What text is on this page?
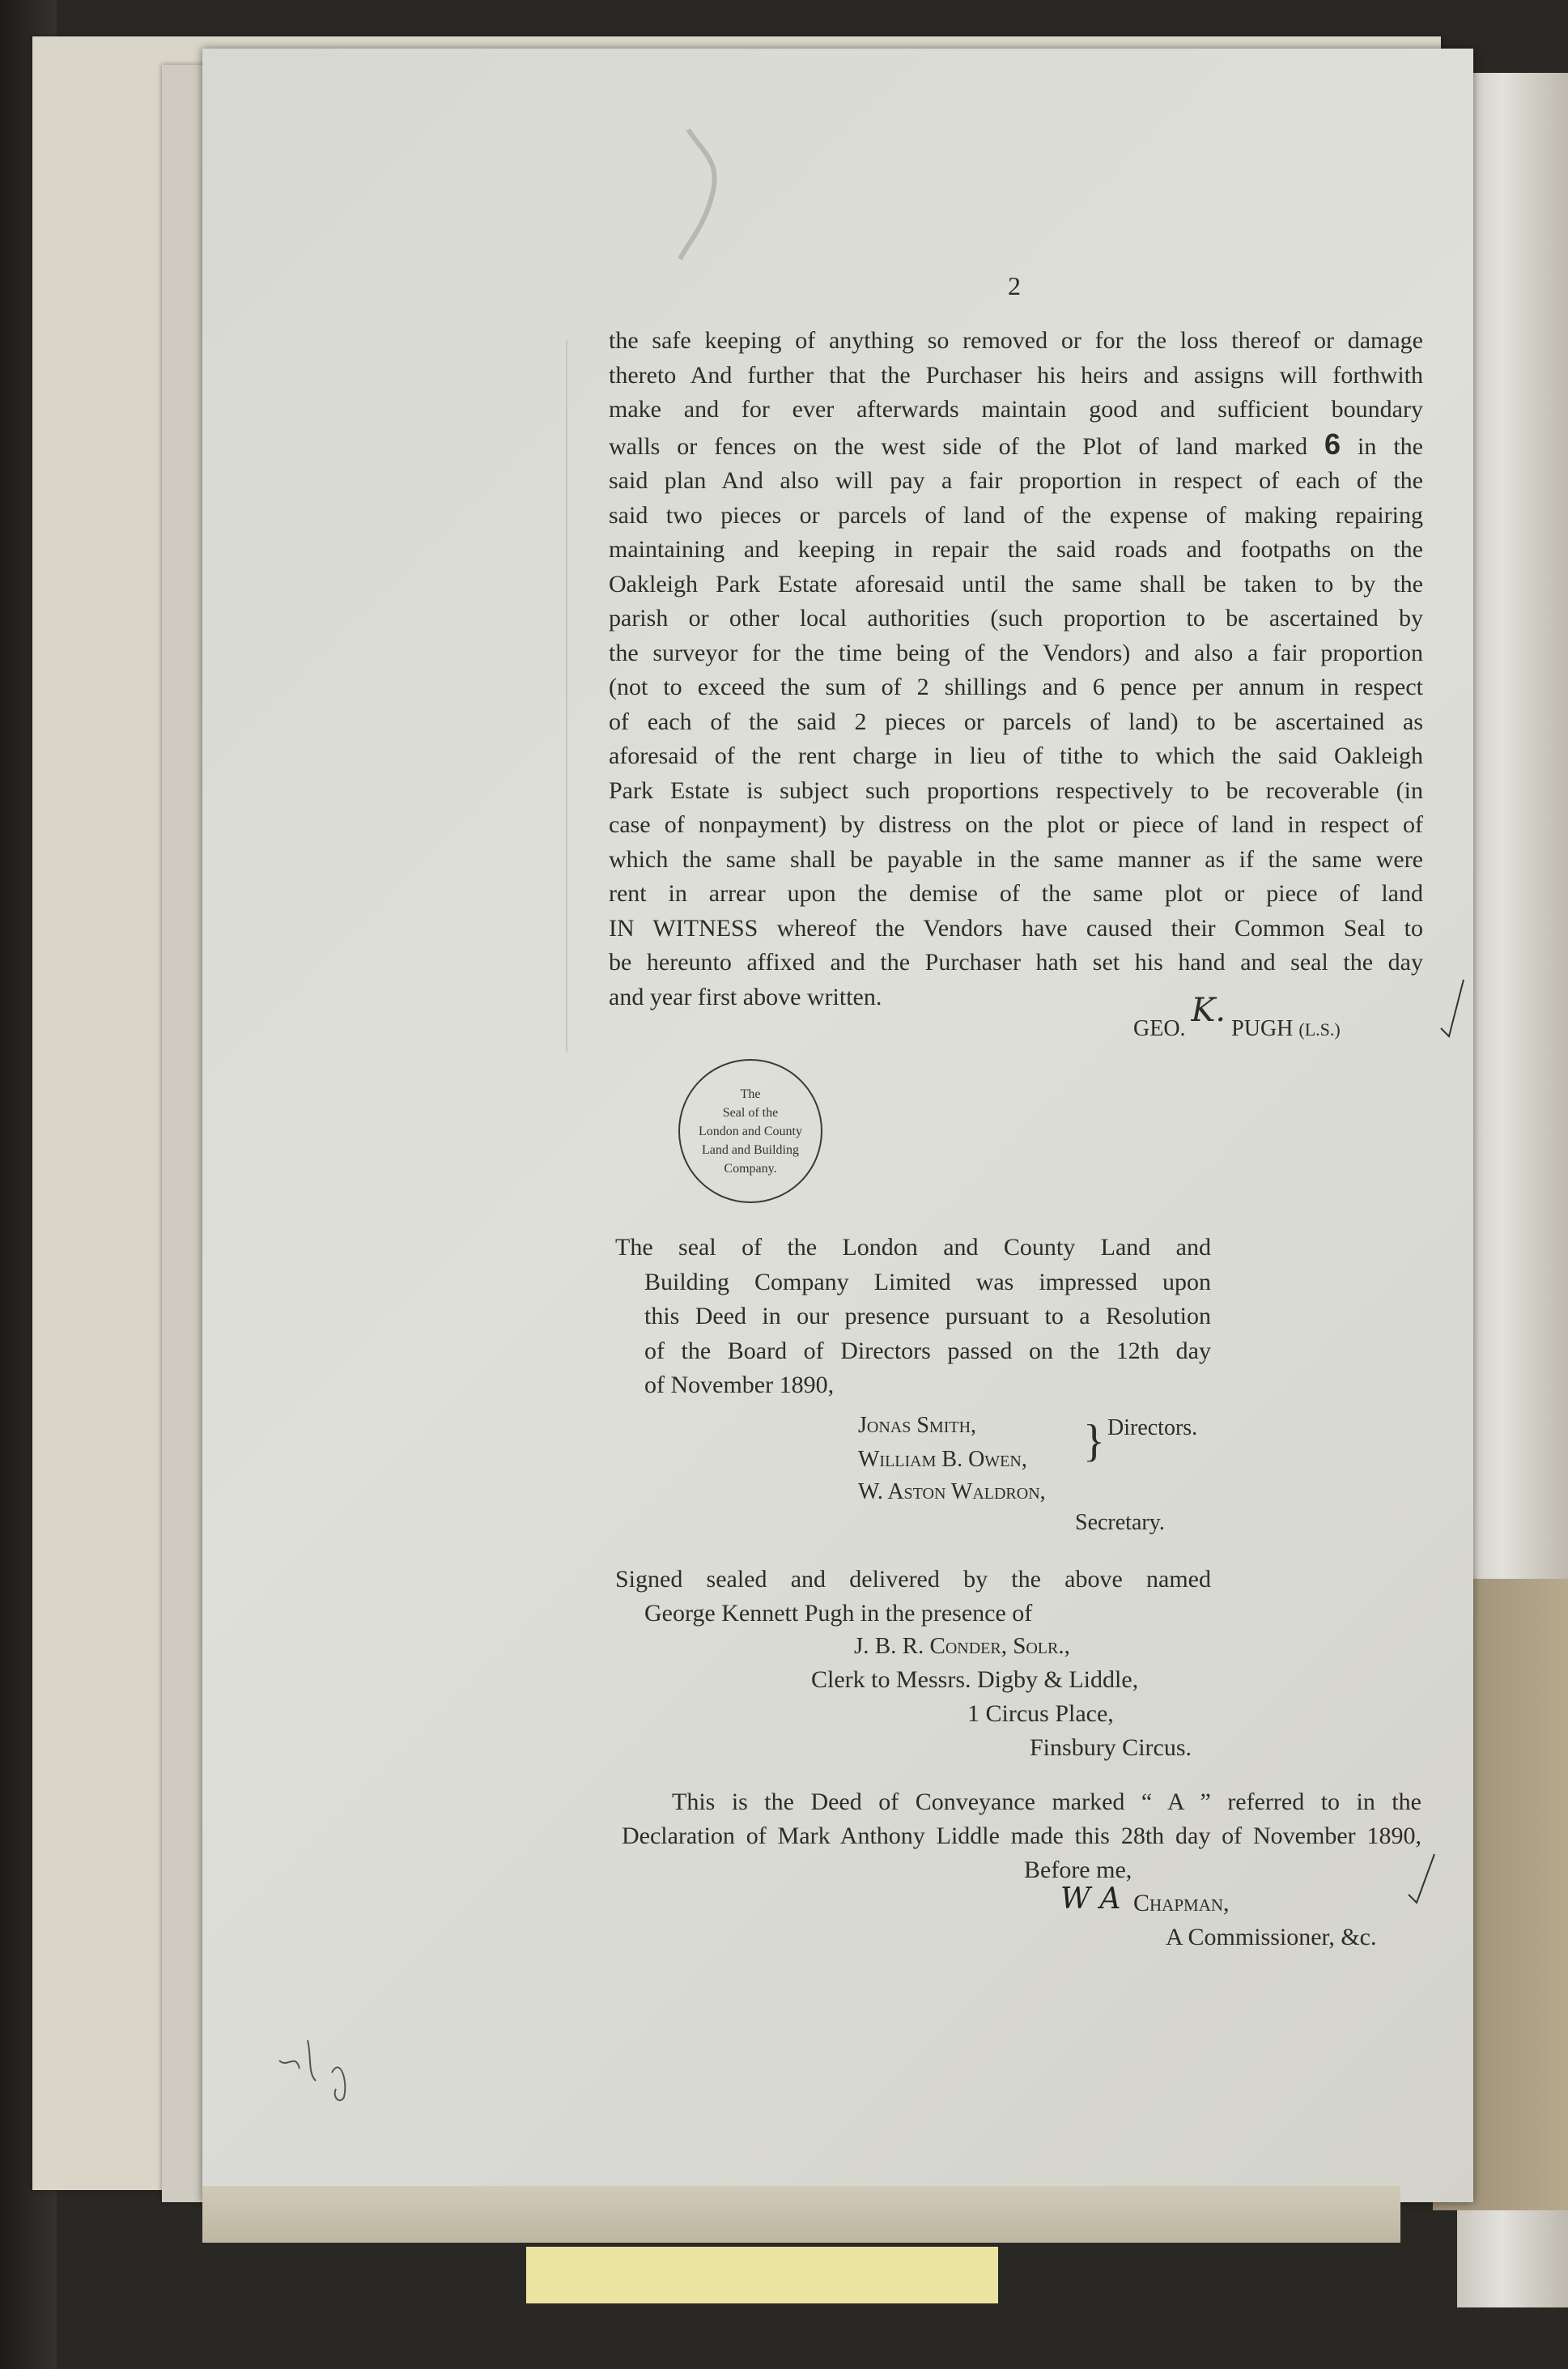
2
the safe keeping of anything so removed or for the loss thereof or damage
thereto And further that the Purchaser his heirs and assigns will forthwith
make and for ever afterwards maintain good and sufficient boundary
walls or fences on the west side of the Plot of land marked 6 in the
said plan And also will pay a fair proportion in respect of each of the
said two pieces or parcels of land of the expense of making repairing
maintaining and keeping in repair the said roads and footpaths on the
Oakleigh Park Estate aforesaid until the same shall be taken to by the
parish or other local authorities (such proportion to be ascertained by
the surveyor for the time being of the Vendors) and also a fair proportion
(not to exceed the sum of 2 shillings and 6 pence per annum in respect
of each of the said 2 pieces or parcels of land) to be ascertained as
aforesaid of the rent charge in lieu of tithe to which the said Oakleigh
Park Estate is subject such proportions respectively to be recoverable (in
case of nonpayment) by distress on the plot or piece of land in respect of
which the same shall be payable in the same manner as if the same were
rent in arrear upon the demise of the same plot or piece of land
IN WITNESS whereof the Vendors have caused their Common Seal to
be hereunto affixed and the Purchaser hath set his hand and seal the day
and year first above written.
GEO. K. PUGH (L.S.)
The
Seal of the
London and County
Land and Building
Company.
The seal of the London and County Land and
Building Company Limited was impressed upon
this Deed in our presence pursuant to a Resolution
of the Board of Directors passed on the 12th day
of November 1890,
Jonas Smith,
William B. Owen, } Directors.
W. Aston Waldron,
Secretary.
Signed sealed and delivered by the above named
George Kennett Pugh in the presence of
J. B. R. Conder, Solr.,
Clerk to Messrs. Digby & Liddle,
1 Circus Place,
Finsbury Circus.
This is the Deed of Conveyance marked “ A ” referred to in the
Declaration of Mark Anthony Liddle made this 28th day of November 1890,
Before me,
W A Chapman,
A Commissioner, &c.
